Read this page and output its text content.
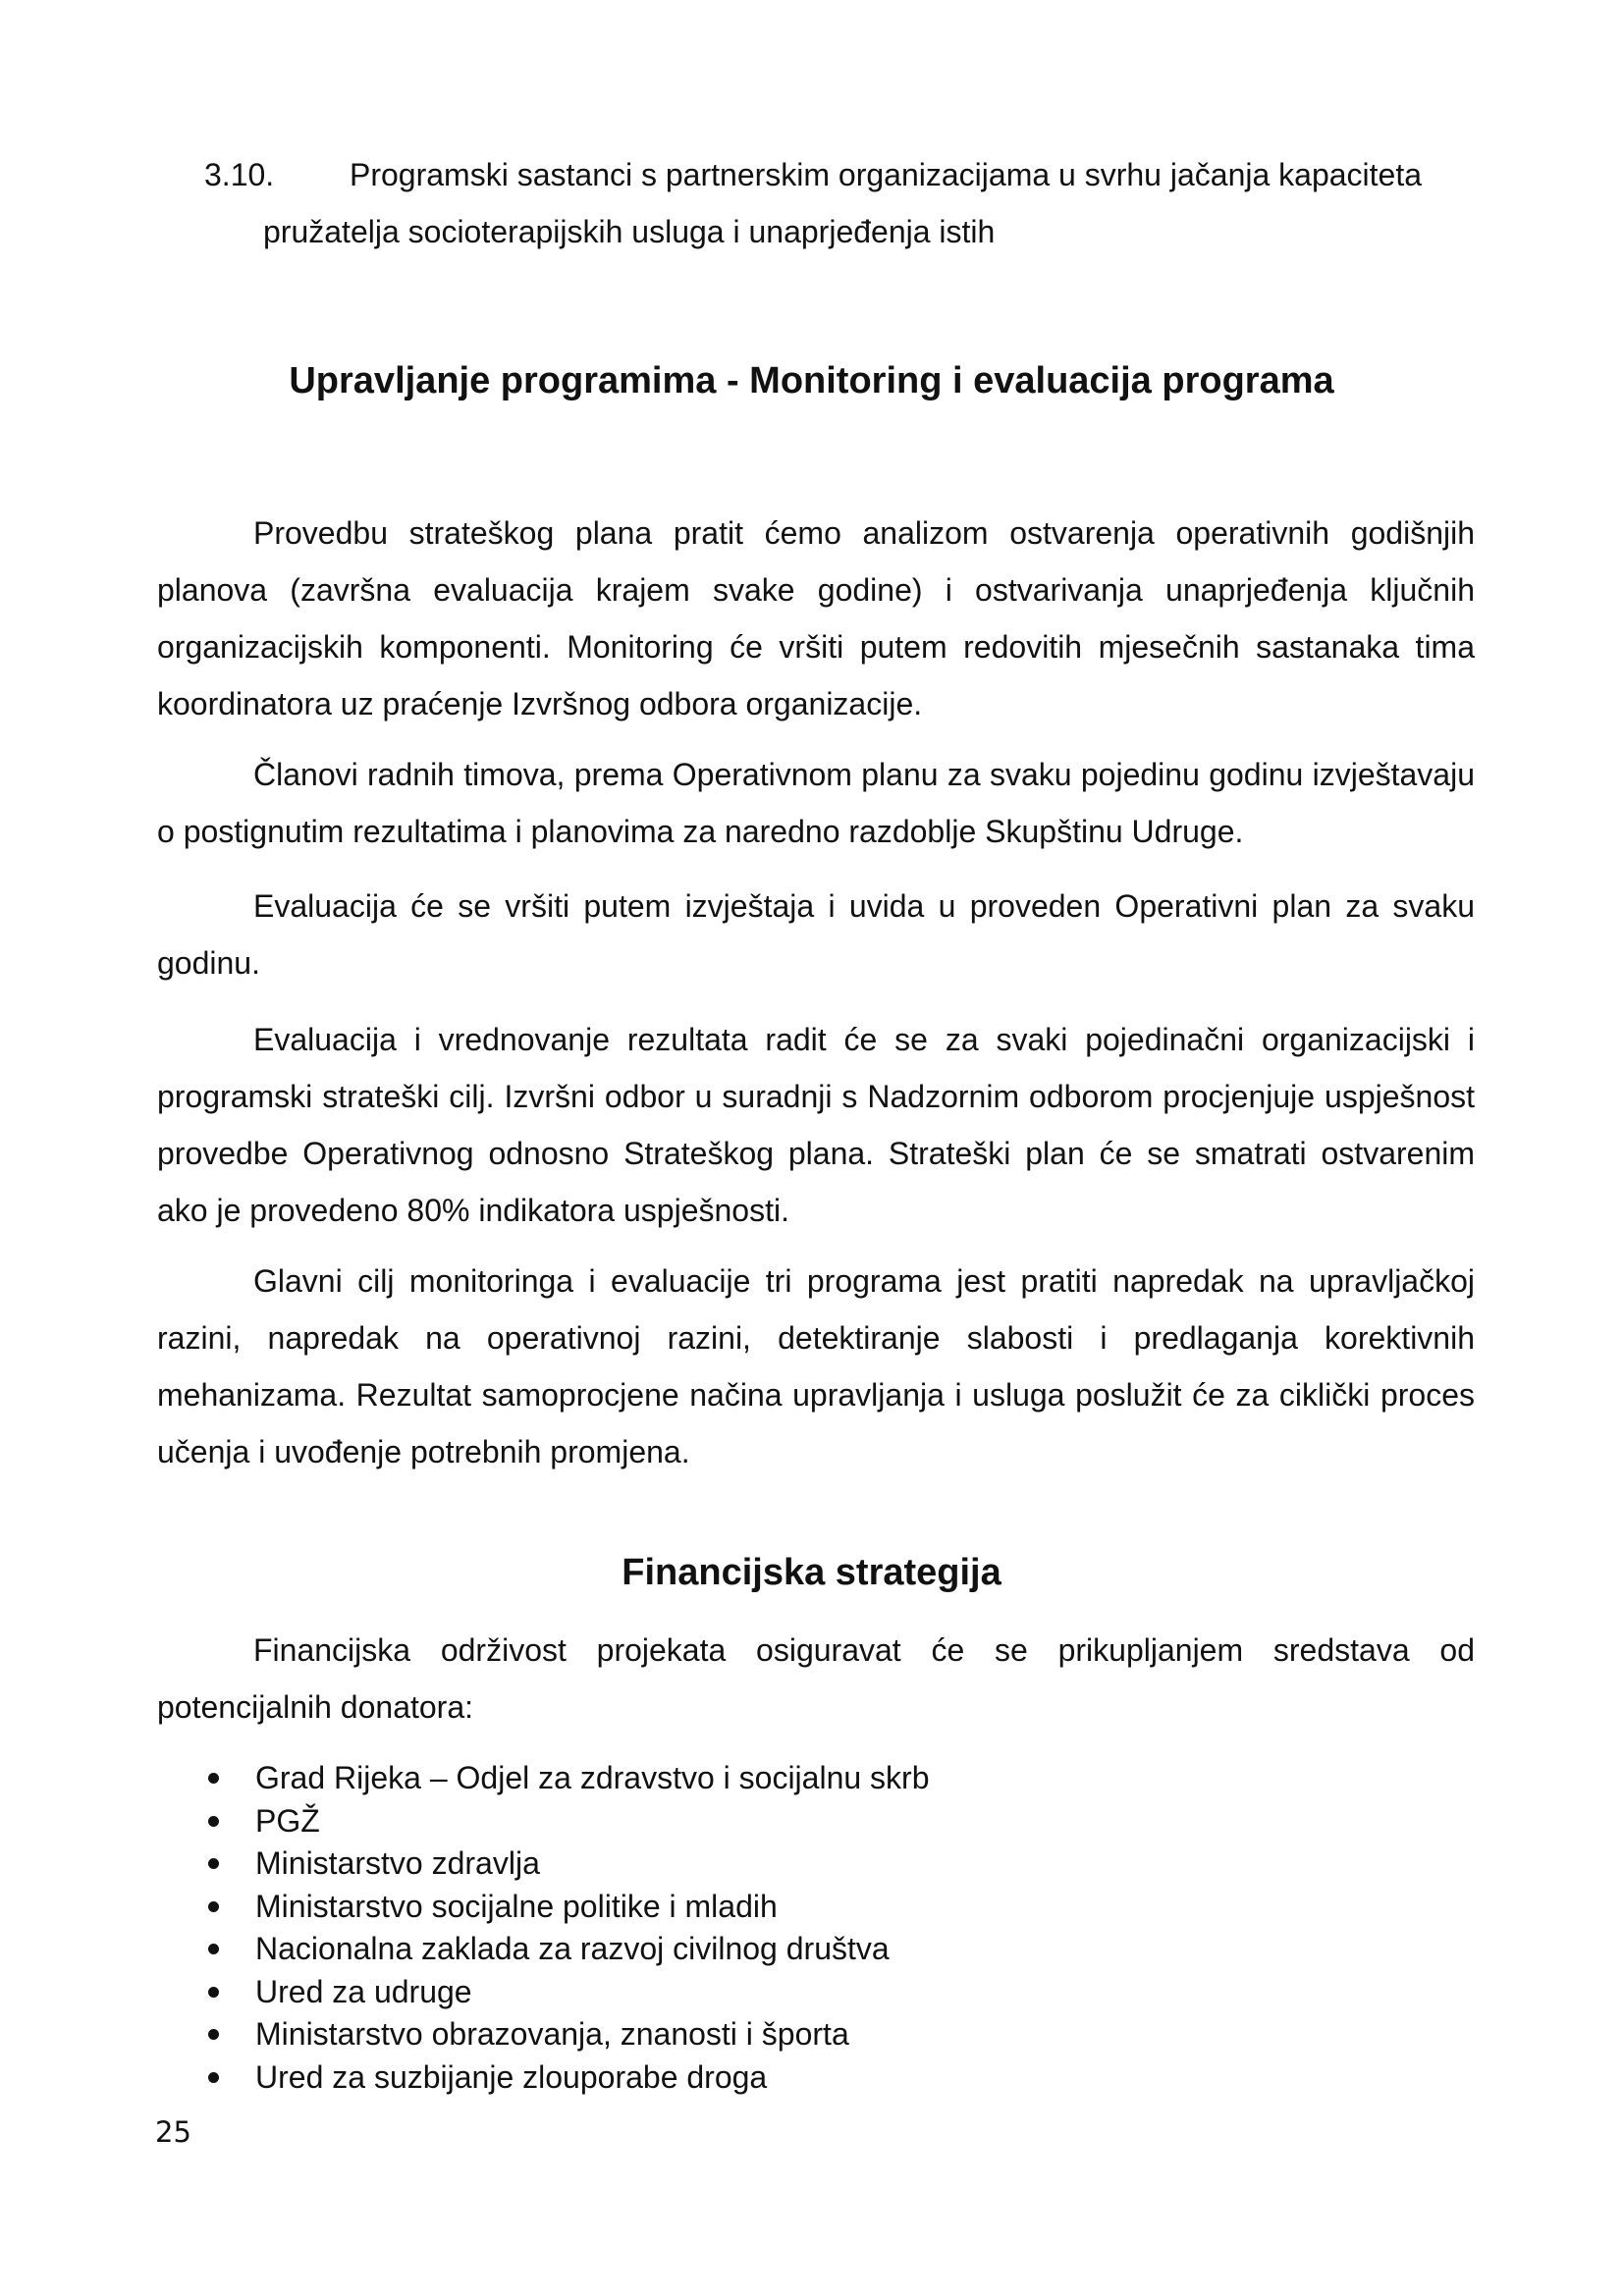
3.10. Programski sastanci s partnerskim organizacijama u svrhu jačanja kapaciteta
pružatelja socioterapijskih usluga i unaprjeđenja istih
Upravljanje programima - Monitoring i evaluacija programa

Provedbu strateškog plana pratit ćemo analizom ostvarenja operativnih godišnjih planova (završna evaluacija krajem svake godine) i ostvarivanja unaprjeđenja ključnih organizacijskih komponenti. Monitoring će vršiti putem redovitih mjesečnih sastanaka tima koordinatora uz praćenje Izvršnog odbora organizacije.

Članovi radnih timova, prema Operativnom planu za svaku pojedinu godinu izvještavaju o postignutim rezultatima i planovima za naredno razdoblje Skupštinu Udruge.

Evaluacija će se vršiti putem izvještaja i uvida u proveden Operativni plan za svaku godinu.

Evaluacija i vrednovanje rezultata radit će se za svaki pojedinačni organizacijski i programski strateški cilj. Izvršni odbor u suradnji s Nadzornim odborom procjenjuje uspješnost provedbe Operativnog odnosno Strateškog plana. Strateški plan će se smatrati ostvarenim ako je provedeno 80% indikatora uspješnosti.

Glavni cilj monitoringa i evaluacije tri programa jest pratiti napredak na upravljačkoj razini, napredak na operativnoj razini, detektiranje slabosti i predlaganja korektivnih mehanizama. Rezultat samoprocjene načina upravljanja i usluga poslužit će za ciklički proces učenja i uvođenje potrebnih promjena.

Financijska strategija

Financijska održivost projekata osiguravat će se prikupljanjem sredstava od potencijalnih donatora:

Grad Rijeka – Odjel za zdravstvo i socijalnu skrb
PGŽ
Ministarstvo zdravlja
Ministarstvo socijalne politike i mladih
Nacionalna zaklada za razvoj civilnog društva
Ured za udruge
Ministarstvo obrazovanja, znanosti i športa
Ured za suzbijanje zlouporabe droga
25
